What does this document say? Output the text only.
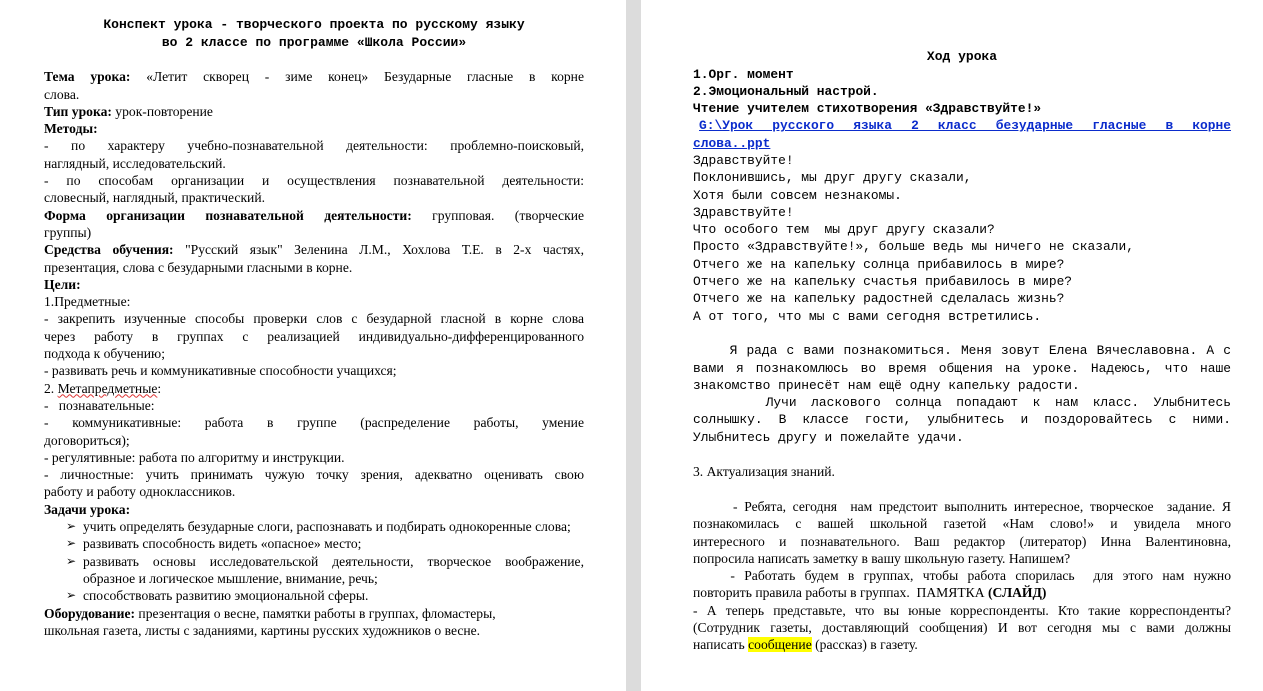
Конспект урока - творческого проекта по русскому языку

во 2 классе по программе «Школа России»

Тема урока: «Летит скворец - зиме конец» Безударные гласные в корне

слова.

Тип урока: урок-повторение

Методы:

- по характеру учебно-познавательной деятельности: проблемно-поисковый,

наглядный, исследовательский.

- по способам организации и осуществления познавательной деятельности:

словесный, наглядный, практический.

Форма организации познавательной деятельности: групповая. (творческие

группы)

Средства обучения: "Русский язык" Зеленина Л.М., Хохлова Т.Е. в 2-х частях,

презентация, слова с безударными гласными в корне.

Цели:

1.Предметные:

- закрепить изученные способы проверки слов с безударной гласной в корне слова

через работу в группах с реализацией индивидуально-дифференцированного

подхода к обучению;

- развивать речь и коммуникативные способности учащихся;

2. Метапредметные:

-   познавательные:

- коммуникативные: работа в группе (распределение работы, умение

договориться);

- регулятивные: работа по алгоритму и инструкции.

- личностные: учить принимать чужую точку зрения, адекватно оценивать свою

работу и работу одноклассников.

Задачи урока:

➢ учить определять безударные слоги, распознавать и подбирать однокоренные слова;
➢ развивать способность видеть «опасное» место;
➢ развивать основы исследовательской деятельности, творческое воображение, образное и логическое мышление, внимание, речь;
➢ способствовать развитию эмоциональной сферы.

Оборудование: презентация о весне, памятки работы в группах, фломастеры,

школьная газета, листы с заданиями, картины русских художников о весне.

Ход урока

1.Орг. момент

2.Эмоциональный настрой.

Чтение учителем стихотворения «Здравствуйте!»

G:\Урок русского языка 2 класс безударные гласные в корне

слова..ppt

Здравствуйте!

Поклонившись, мы друг другу сказали,

Хотя были совсем незнакомы.

Здравствуйте!

Что особого тем  мы друг другу сказали?

Просто «Здравствуйте!», больше ведь мы ничего не сказали,

Отчего же на капельку солнца прибавилось в мире?

Отчего же на капельку счастья прибавилось в мире?

Отчего же на капельку радостней сделалась жизнь?

А от того, что мы с вами сегодня встретились.

Я рада с вами познакомиться. Меня зовут Елена Вячеславовна. А с

вами я познакомлюсь во время общения на уроке. Надеюсь, что наше

знакомство принесёт нам ещё одну капельку радости.

Лучи ласкового солнца попадают к нам класс. Улыбнитесь

солнышку. В классе гости, улыбнитесь и поздоровайтесь с ними.

Улыбнитесь другу и пожелайте удачи.

3. Актуализация знаний.

- Ребята, сегодня  нам предстоит выполнить интересное, творческое  задание. Я

познакомилась с вашей школьной газетой «Нам слово!» и увидела много

интересного и познавательного. Ваш редактор (литератор) Инна Валентиновна,

попросила написать заметку в вашу школьную газету. Напишем?

- Работать будем в группах, чтобы работа спорилась  для этого нам нужно

повторить правила работы в группах.  ПАМЯТКА (СЛАЙД)

- А теперь представьте, что вы юные корреспонденты. Кто такие корреспонденты?

(Сотрудник газеты, доставляющий сообщения) И вот сегодня мы с вами должны

написать сообщение (рассказ) в газету.
